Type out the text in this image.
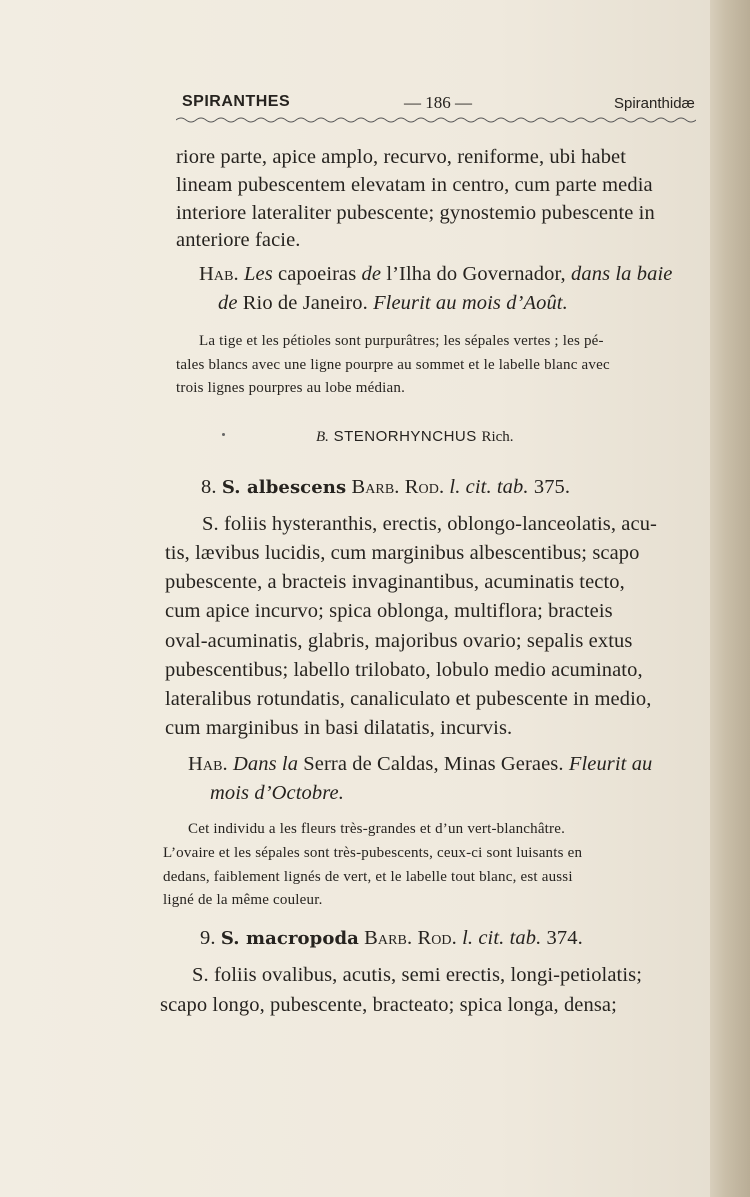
SPIRANTHES	— 186 —	Spiranthidæ
riore parte, apice amplo, recurvo, reniforme, ubi habet
lineam pubescentem elevatam in centro, cum parte media
interiore lateraliter pubescente; gynostemio pubescente in
anteriore facie.
Hab. Les capoeiras de l’Ilha do Governador, dans la baie
de Rio de Janeiro. Fleurit au mois d’Août.
La tige et les pétioles sont purpurâtres; les sépales vertes ; les pé-
tales blancs avec une ligne pourpre au sommet et le labelle blanc avec
trois lignes pourpres au lobe médian.
B. STENORHYNCHUS Rich.
8. S. albescens Barb. Rod. l. cit. tab. 375.
S. foliis hysteranthis, erectis, oblongo-lanceolatis, acu-
tis, lævibus lucidis, cum marginibus albescentibus; scapo
pubescente, a bracteis invaginantibus, acuminatis tecto,
cum apice incurvo; spica oblonga, multiflora; bracteis
oval-acuminatis, glabris, majoribus ovario; sepalis extus
pubescentibus; labello trilobato, lobulo medio acuminato,
lateralibus rotundatis, canaliculato et pubescente in medio,
cum marginibus in basi dilatatis, incurvis.
Hab. Dans la Serra de Caldas, Minas Geraes. Fleurit au
mois d’Octobre.
Cet individu a les fleurs très-grandes et d’un vert-blanchâtre.
L’ovaire et les sépales sont très-pubescents, ceux-ci sont luisants en
dedans, faiblement lignés de vert, et le labelle tout blanc, est aussi
ligné de la même couleur.
9. S. macropoda Barb. Rod. l. cit. tab. 374.
S. foliis ovalibus, acutis, semi erectis, longi-petiolatis;
scapo longo, pubescente, bracteato; spica longa, densa;
